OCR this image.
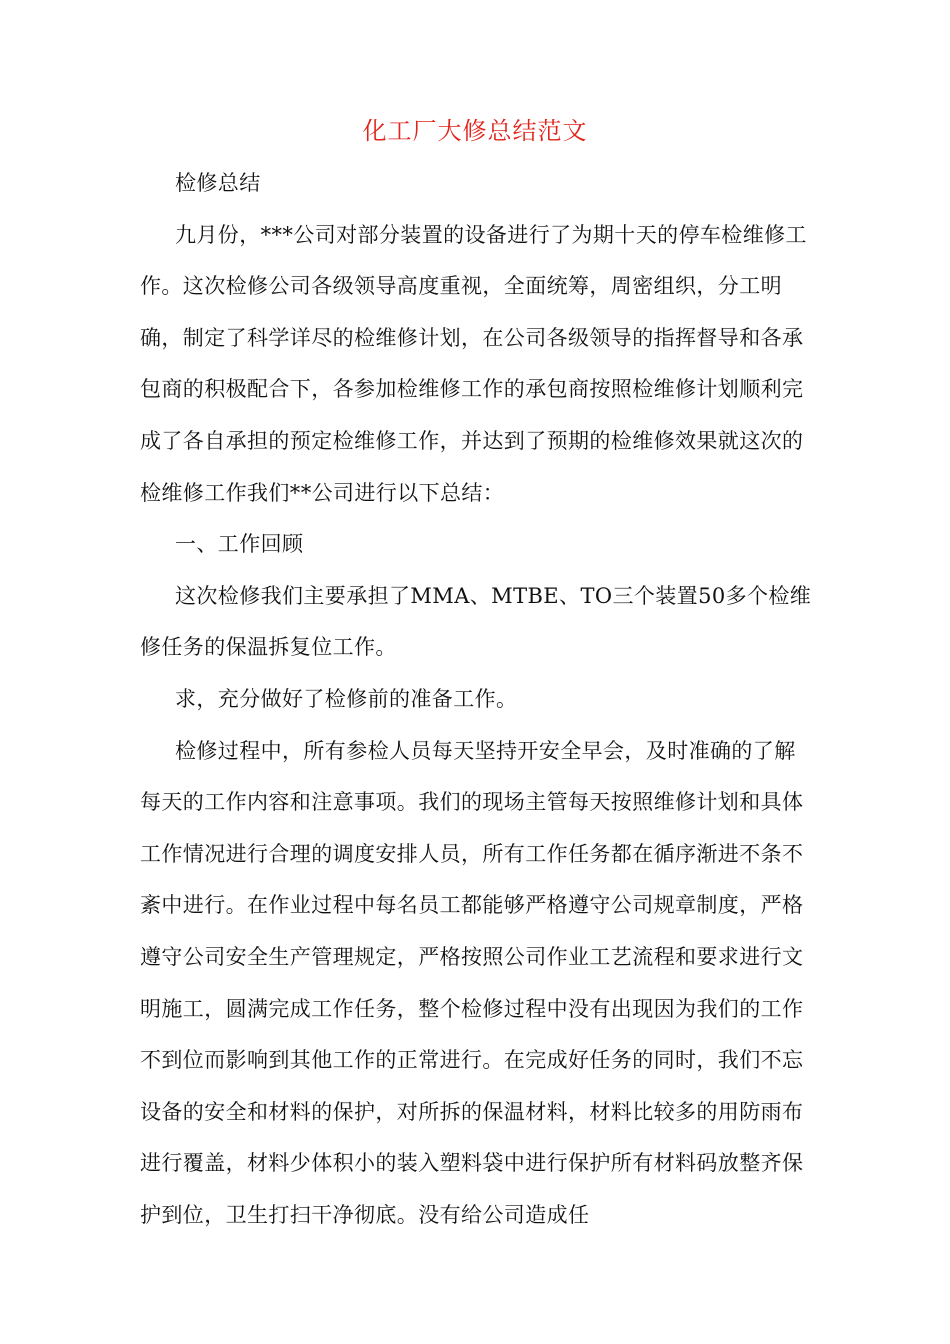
化工厂大修总结范文

检修总结

九月份，***公司对部分装置的设备进行了为期十天的停车检维修工作。这次检修公司各级领导高度重视，全面统筹，周密组织，分工明确，制定了科学详尽的检维修计划，在公司各级领导的指挥督导和各承包商的积极配合下，各参加检维修工作的承包商按照检维修计划顺利完成了各自承担的预定检维修工作，并达到了预期的检维修效果就这次的检维修工作我们**公司进行以下总结：

一、工作回顾

这次检修我们主要承担了MMA、MTBE、TO三个装置50多个检维修任务的保温拆复位工作。

求，充分做好了检修前的准备工作。

检修过程中，所有参检人员每天坚持开安全早会，及时准确的了解每天的工作内容和注意事项。我们的现场主管每天按照维修计划和具体工作情况进行合理的调度安排人员，所有工作任务都在循序渐进不条不紊中进行。在作业过程中每名员工都能够严格遵守公司规章制度，严格遵守公司安全生产管理规定，严格按照公司作业工艺流程和要求进行文明施工，圆满完成工作任务，整个检修过程中没有出现因为我们的工作不到位而影响到其他工作的正常进行。在完成好任务的同时，我们不忘设备的安全和材料的保护，对所拆的保温材料，材料比较多的用防雨布进行覆盖，材料少体积小的装入塑料袋中进行保护所有材料码放整齐保护到位，卫生打扫干净彻底。没有给公司造成任
